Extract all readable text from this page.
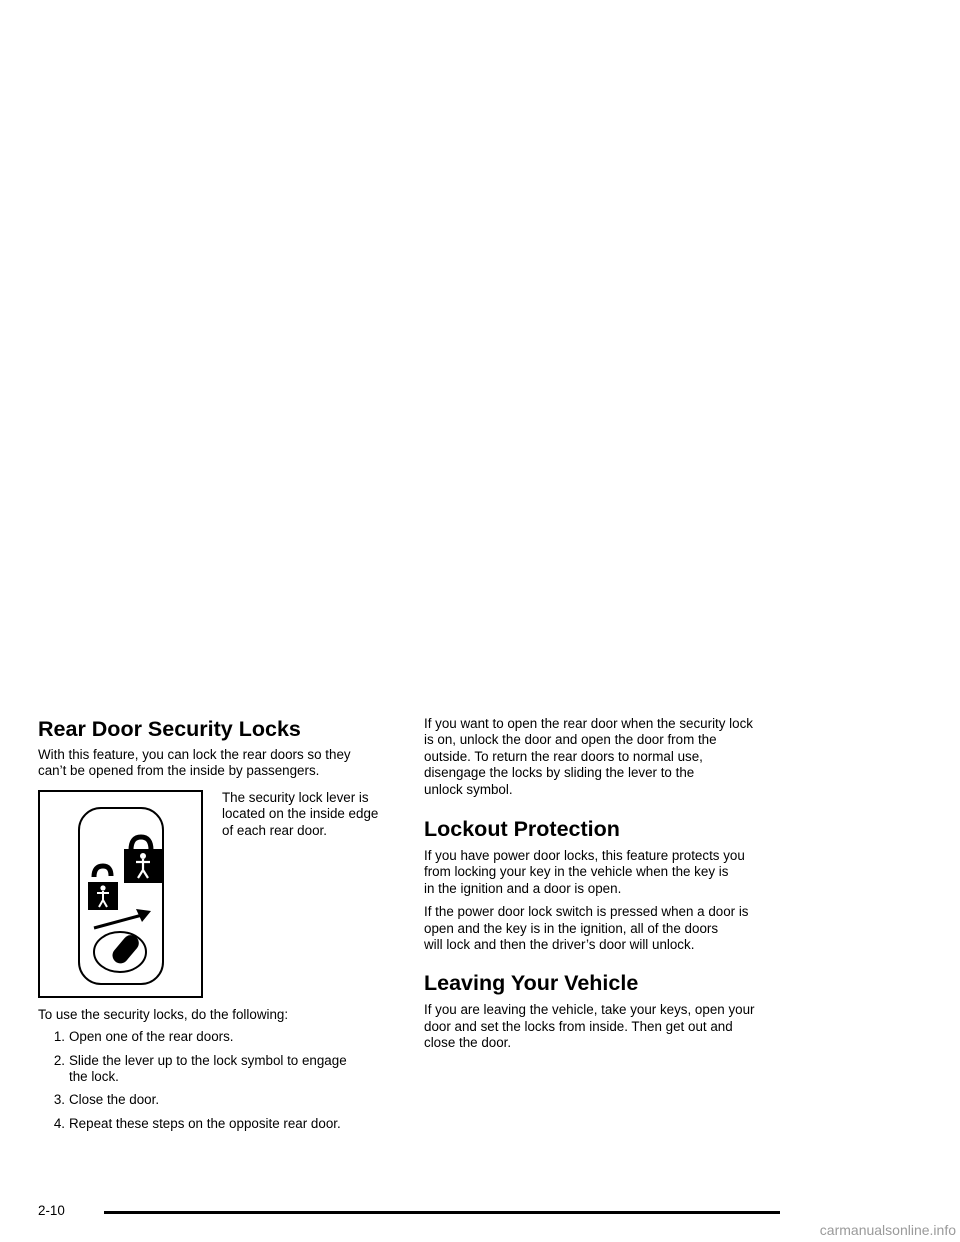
Rear Door Security Locks

With this feature, you can lock the rear doors so they
can’t be opened from the inside by passengers.

The security lock lever is
located on the inside edge
of each rear door.

To use the security locks, do the following:

1. Open one of the rear doors.
2. Slide the lever up to the lock symbol to engage
the lock.
3. Close the door.
4. Repeat these steps on the opposite rear door.

If you want to open the rear door when the security lock
is on, unlock the door and open the door from the
outside. To return the rear doors to normal use,
disengage the locks by sliding the lever to the
unlock symbol.

Lockout Protection

If you have power door locks, this feature protects you
from locking your key in the vehicle when the key is
in the ignition and a door is open.

If the power door lock switch is pressed when a door is
open and the key is in the ignition, all of the doors
will lock and then the driver’s door will unlock.

Leaving Your Vehicle

If you are leaving the vehicle, take your keys, open your
door and set the locks from inside. Then get out and
close the door.

2-10
carmanualsonline.info
